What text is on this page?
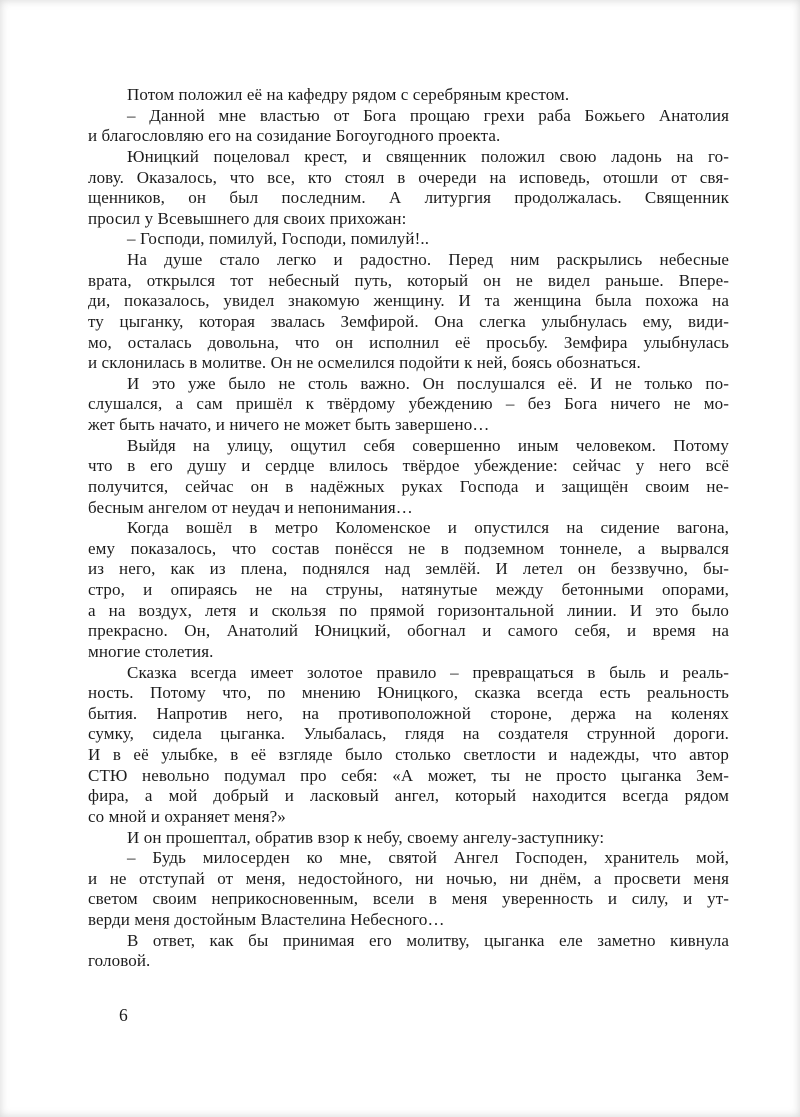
Потом положил её на кафедру рядом с серебряным крестом.
– Данной мне властью от Бога прощаю грехи раба Божьего Анатолия
и благословляю его на созидание Богоугодного проекта.
Юницкий поцеловал крест, и священник положил свою ладонь на го-
лову. Оказалось, что все, кто стоял в очереди на исповедь, отошли от свя-
щенников, он был последним. А литургия продолжалась. Священник
просил у Всевышнего для своих прихожан:
– Господи, помилуй, Господи, помилуй!..
На душе стало легко и радостно. Перед ним раскрылись небесные
врата, открылся тот небесный путь, который он не видел раньше. Впере-
ди, показалось, увидел знакомую женщину. И та женщина была похожа на
ту цыганку, которая звалась Земфирой. Она слегка улыбнулась ему, види-
мо, осталась довольна, что он исполнил её просьбу. Земфира улыбнулась
и склонилась в молитве. Он не осмелился подойти к ней, боясь обознаться.
И это уже было не столь важно. Он послушался её. И не только по-
слушался, а сам пришёл к твёрдому убеждению – без Бога ничего не мо-
жет быть начато, и ничего не может быть завершено…
Выйдя на улицу, ощутил себя совершенно иным человеком. Потому
что в его душу и сердце влилось твёрдое убеждение: сейчас у него всё
получится, сейчас он в надёжных руках Господа и защищён своим не-
бесным ангелом от неудач и непонимания…
Когда вошёл в метро Коломенское и опустился на сидение вагона,
ему показалось, что состав понёсся не в подземном тоннеле, а вырвался
из него, как из плена, поднялся над землёй. И летел он беззвучно, бы-
стро, и опираясь не на струны, натянутые между бетонными опорами,
а на воздух, летя и скользя по прямой горизонтальной линии. И это было
прекрасно. Он, Анатолий Юницкий, обогнал и самого себя, и время на
многие столетия.
Сказка всегда имеет золотое правило – превращаться в быль и реаль-
ность. Потому что, по мнению Юницкого, сказка всегда есть реальность
бытия. Напротив него, на противоположной стороне, держа на коленях
сумку, сидела цыганка. Улыбалась, глядя на создателя струнной дороги.
И в её улыбке, в её взгляде было столько светлости и надежды, что автор
СТЮ невольно подумал про себя: «А может, ты не просто цыганка Зем-
фира, а мой добрый и ласковый ангел, который находится всегда рядом
со мной и охраняет меня?»
И он прошептал, обратив взор к небу, своему ангелу-заступнику:
– Будь милосерден ко мне, святой Ангел Господен, хранитель мой,
и не отступай от меня, недостойного, ни ночью, ни днём, а просвети меня
светом своим неприкосновенным, всели в меня уверенность и силу, и ут-
верди меня достойным Властелина Небесного…
В ответ, как бы принимая его молитву, цыганка еле заметно кивнула
головой.
6
